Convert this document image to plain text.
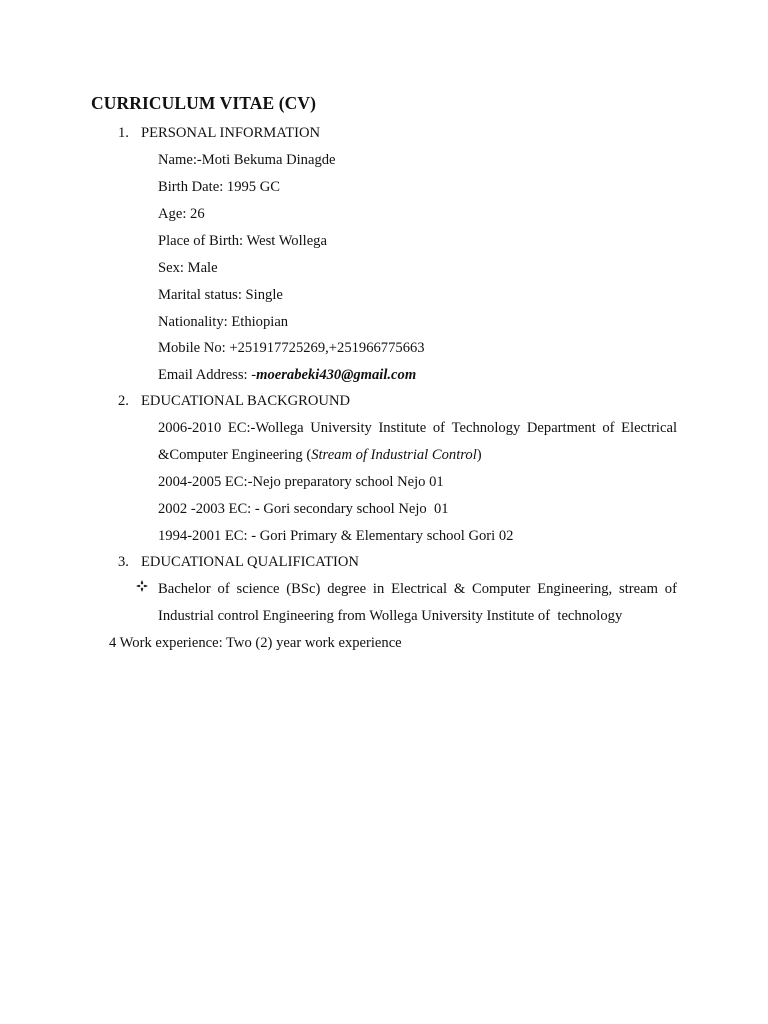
CURRICULUM VITAE (CV)
1. PERSONAL INFORMATION
Name:-Moti Bekuma Dinagde
Birth Date: 1995 GC
Age: 26
Place of Birth: West Wollega
Sex: Male
Marital status: Single
Nationality: Ethiopian
Mobile No: +251917725269,+251966775663
Email Address: -moerabeki430@gmail.com
2. EDUCATIONAL BACKGROUND
2006-2010 EC:-Wollega University Institute of Technology Department of Electrical
&Computer Engineering (Stream of Industrial Control)
2004-2005 EC:-Nejo preparatory school Nejo 01
2002 -2003 EC: - Gori secondary school Nejo  01
1994-2001 EC: - Gori Primary & Elementary school Gori 02
3. EDUCATIONAL QUALIFICATION
Bachelor of science (BSc) degree in Electrical & Computer Engineering, stream of
Industrial control Engineering from Wollega University Institute of  technology
4 Work experience: Two (2) year work experience
